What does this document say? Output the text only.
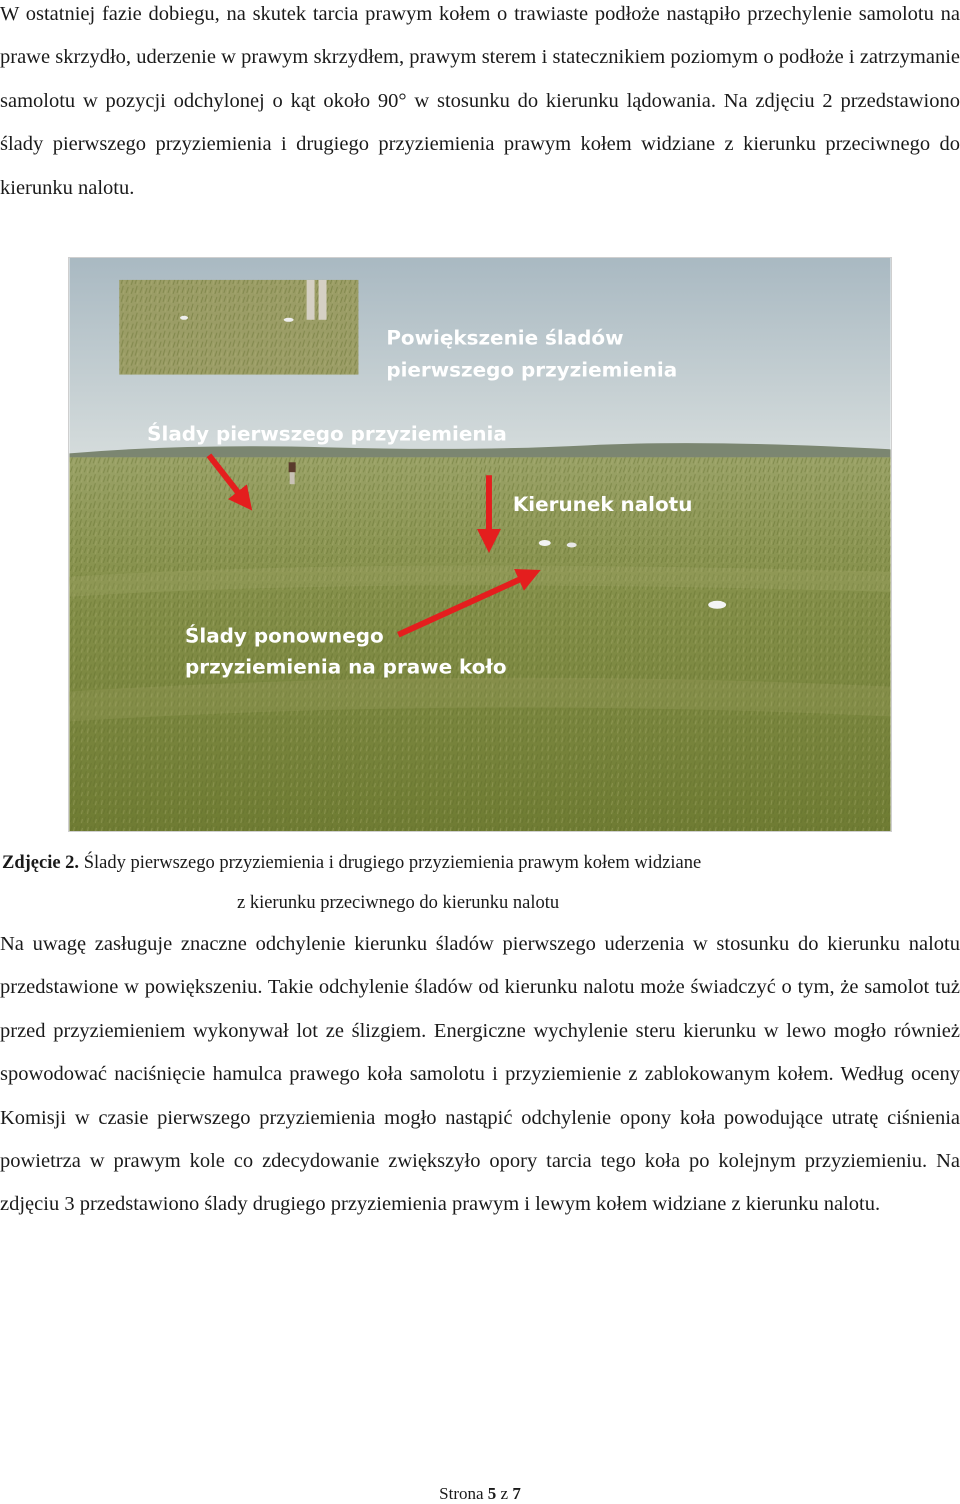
W ostatniej fazie dobiegu, na skutek tarcia prawym kołem o trawiaste podłoże nastąpiło przechylenie samolotu na prawe skrzydło, uderzenie w prawym skrzydłem, prawym sterem i statecznikiem poziomym o podłoże i zatrzymanie samolotu w pozycji odchylonej o kąt około 90° w stosunku do kierunku lądowania. Na zdjęciu 2 przedstawiono ślady pierwszego przyziemienia i drugiego przyziemienia prawym kołem widziane z kierunku przeciwnego do kierunku nalotu.

Powiększenie śladów
pierwszego przyziemienia
Ślady pierwszego przyziemienia
Kierunek nalotu
Ślady ponownego
przyziemienia na prawe koło

Zdjęcie 2. Ślady pierwszego przyziemienia i drugiego przyziemienia prawym kołem widziane

z kierunku przeciwnego do kierunku nalotu

Na uwagę zasługuje znaczne odchylenie kierunku śladów pierwszego uderzenia w stosunku do kierunku nalotu przedstawione w powiększeniu. Takie odchylenie śladów od kierunku nalotu może świadczyć o tym, że samolot tuż przed przyziemieniem wykonywał lot ze ślizgiem. Energiczne wychylenie steru kierunku w lewo mogło również spowodować naciśnięcie hamulca prawego koła samolotu i przyziemienie z zablokowanym kołem. Według oceny Komisji w czasie pierwszego przyziemienia mogło nastąpić odchylenie opony koła powodujące utratę ciśnienia powietrza w prawym kole co zdecydowanie zwiększyło opory tarcia tego koła po kolejnym przyziemieniu. Na zdjęciu 3 przedstawiono ślady drugiego przyziemienia prawym i lewym kołem widziane z kierunku nalotu.

Strona 5 z 7
